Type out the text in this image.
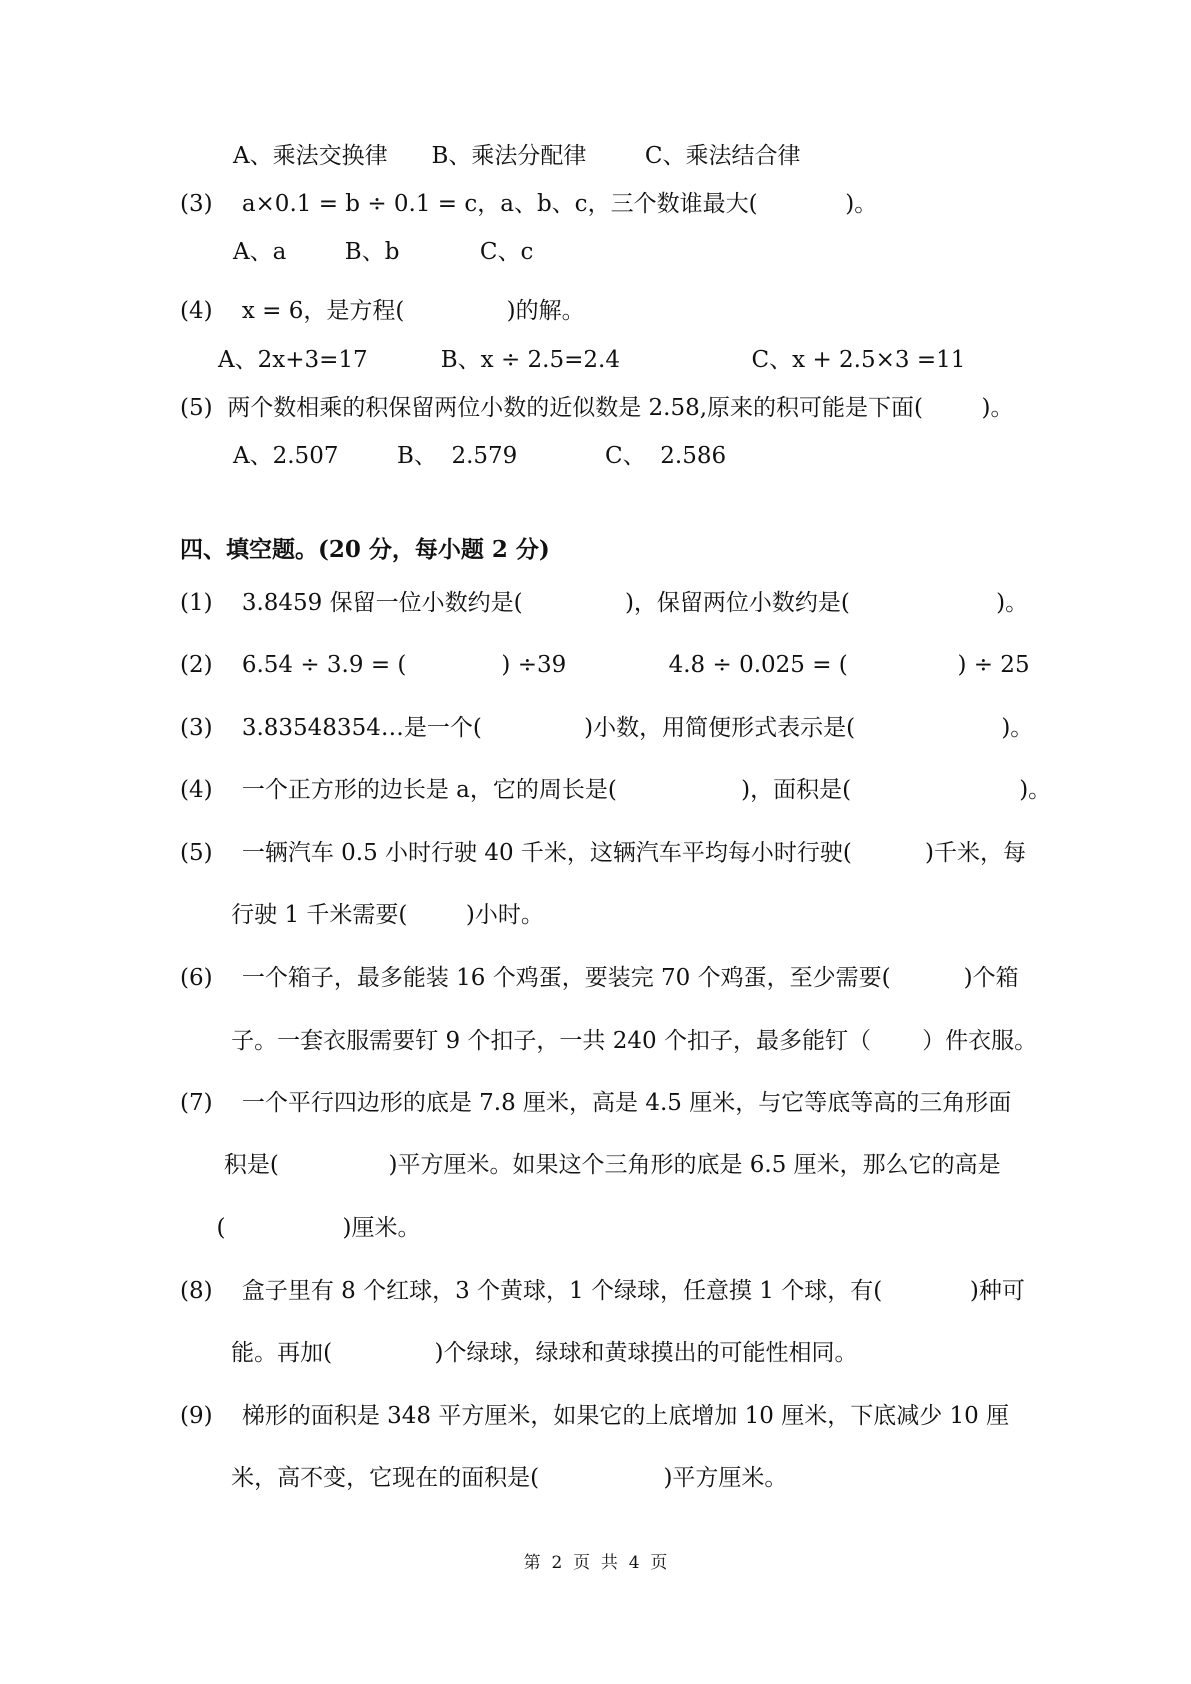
A、乘法交换律      B、乘法分配律        C、乘法结合律
(3)    a×0.1 = b ÷ 0.1 = c，a、b、c，三个数谁最大(            )。
A、a        B、b           C、c
(4)    x = 6，是方程(              )的解。
A、2x+3=17          B、x ÷ 2.5=2.4                  C、x + 2.5×3 =11
(5)  两个数相乘的积保留两位小数的近似数是 2.58,原来的积可能是下面(        )。
A、2.507        B、  2.579            C、  2.586
四、填空题。(20 分，每小题 2 分)
(1)    3.8459 保留一位小数约是(              )，保留两位小数约是(                    )。
(2)    6.54 ÷ 3.9 = (             ) ÷39              4.8 ÷ 0.025 = (               ) ÷ 25
(3)    3.83548354…是一个(              )小数，用简便形式表示是(                    )。
(4)    一个正方形的边长是 a，它的周长是(                 )，面积是(                       )。
(5)    一辆汽车 0.5 小时行驶 40 千米，这辆汽车平均每小时行驶(          )千米，每
行驶 1 千米需要(        )小时。
(6)    一个箱子，最多能装 16 个鸡蛋，要装完 70 个鸡蛋，至少需要(          )个箱
子。一套衣服需要钉 9 个扣子，一共 240 个扣子，最多能钉（       ）件衣服。
(7)    一个平行四边形的底是 7.8 厘米，高是 4.5 厘米，与它等底等高的三角形面
积是(               )平方厘米。如果这个三角形的底是 6.5 厘米，那么它的高是
(                )厘米。
(8)    盒子里有 8 个红球，3 个黄球，1 个绿球，任意摸 1 个球，有(            )种可
能。再加(              )个绿球，绿球和黄球摸出的可能性相同。
(9)    梯形的面积是 348 平方厘米，如果它的上底增加 10 厘米，下底减少 10 厘
米，高不变，它现在的面积是(                 )平方厘米。
第  2  页  共  4  页
